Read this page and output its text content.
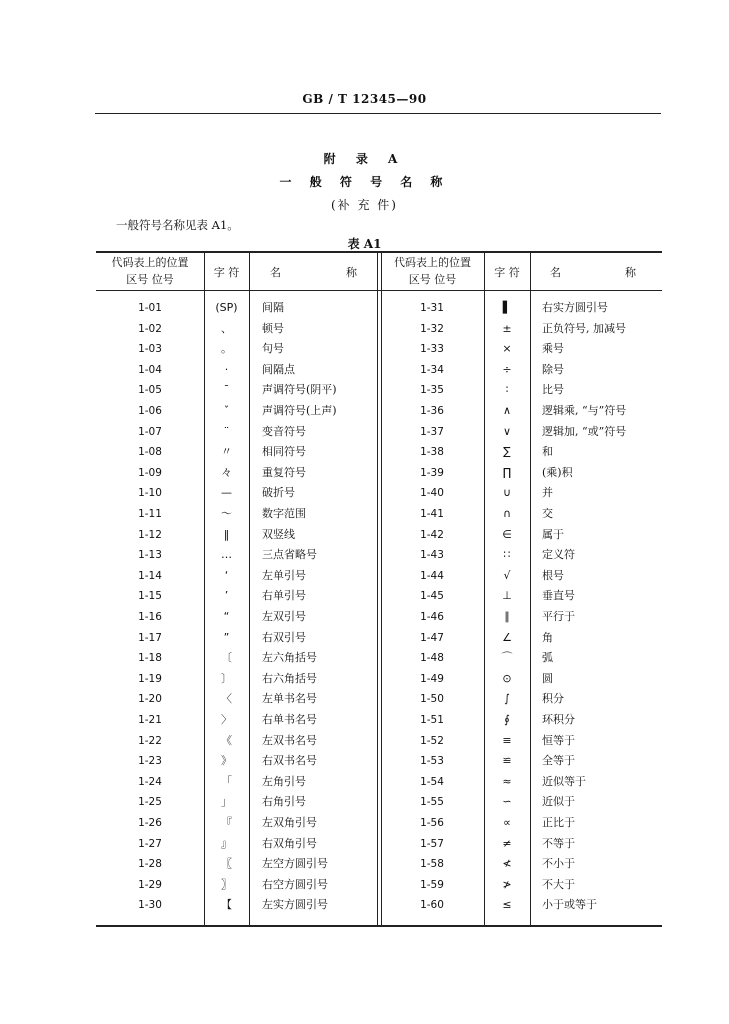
GB / T 12345—90
附 录 A
一 般 符 号 名 称
(补 充 件)
一般符号名称见表 A1。
表 A1
代码表上的位置
区号 位号
字 符	名	称
代码表上的位置
区号 位号
字 符	名	称
1-01	(SP)	间隔	1-31	▌	右实方圆引号
1-02	、	顿号	1-32	±	正负符号, 加减号
1-03	。	句号	1-33	×	乘号
1-04	·	间隔点	1-34	÷	除号
1-05	ˉ	声调符号(阴平)	1-35	∶	比号
1-06	ˇ	声调符号(上声)	1-36	∧	逻辑乘, “与”符号
1-07	¨	变音符号	1-37	∨	逻辑加, “或”符号
1-08	〃	相同符号	1-38	∑	和
1-09	々	重复符号	1-39	∏	(乘)积
1-10	—	破折号	1-40	∪	并
1-11	～	数字范围	1-41	∩	交
1-12	‖	双竖线	1-42	∈	属于
1-13	…	三点省略号	1-43	∷	定义符
1-14	‘	左单引号	1-44	√	根号
1-15	’	右单引号	1-45	⊥	垂直号
1-16	“	左双引号	1-46	∥	平行于
1-17	”	右双引号	1-47	∠	角
1-18	〔	左六角括号	1-48	⌒	弧
1-19	〕	右六角括号	1-49	⊙	圆
1-20	〈	左单书名号	1-50	∫	积分
1-21	〉	右单书名号	1-51	∮	环积分
1-22	《	左双书名号	1-52	≡	恒等于
1-23	》	右双书名号	1-53	≌	全等于
1-24	「	左角引号	1-54	≈	近似等于
1-25	」	右角引号	1-55	∽	近似于
1-26	『	左双角引号	1-56	∝	正比于
1-27	』	右双角引号	1-57	≠	不等于
1-28	〖	左空方圆引号	1-58	≮	不小于
1-29	〗	右空方圆引号	1-59	≯	不大于
1-30	【	左实方圆引号	1-60	≤	小于或等于
